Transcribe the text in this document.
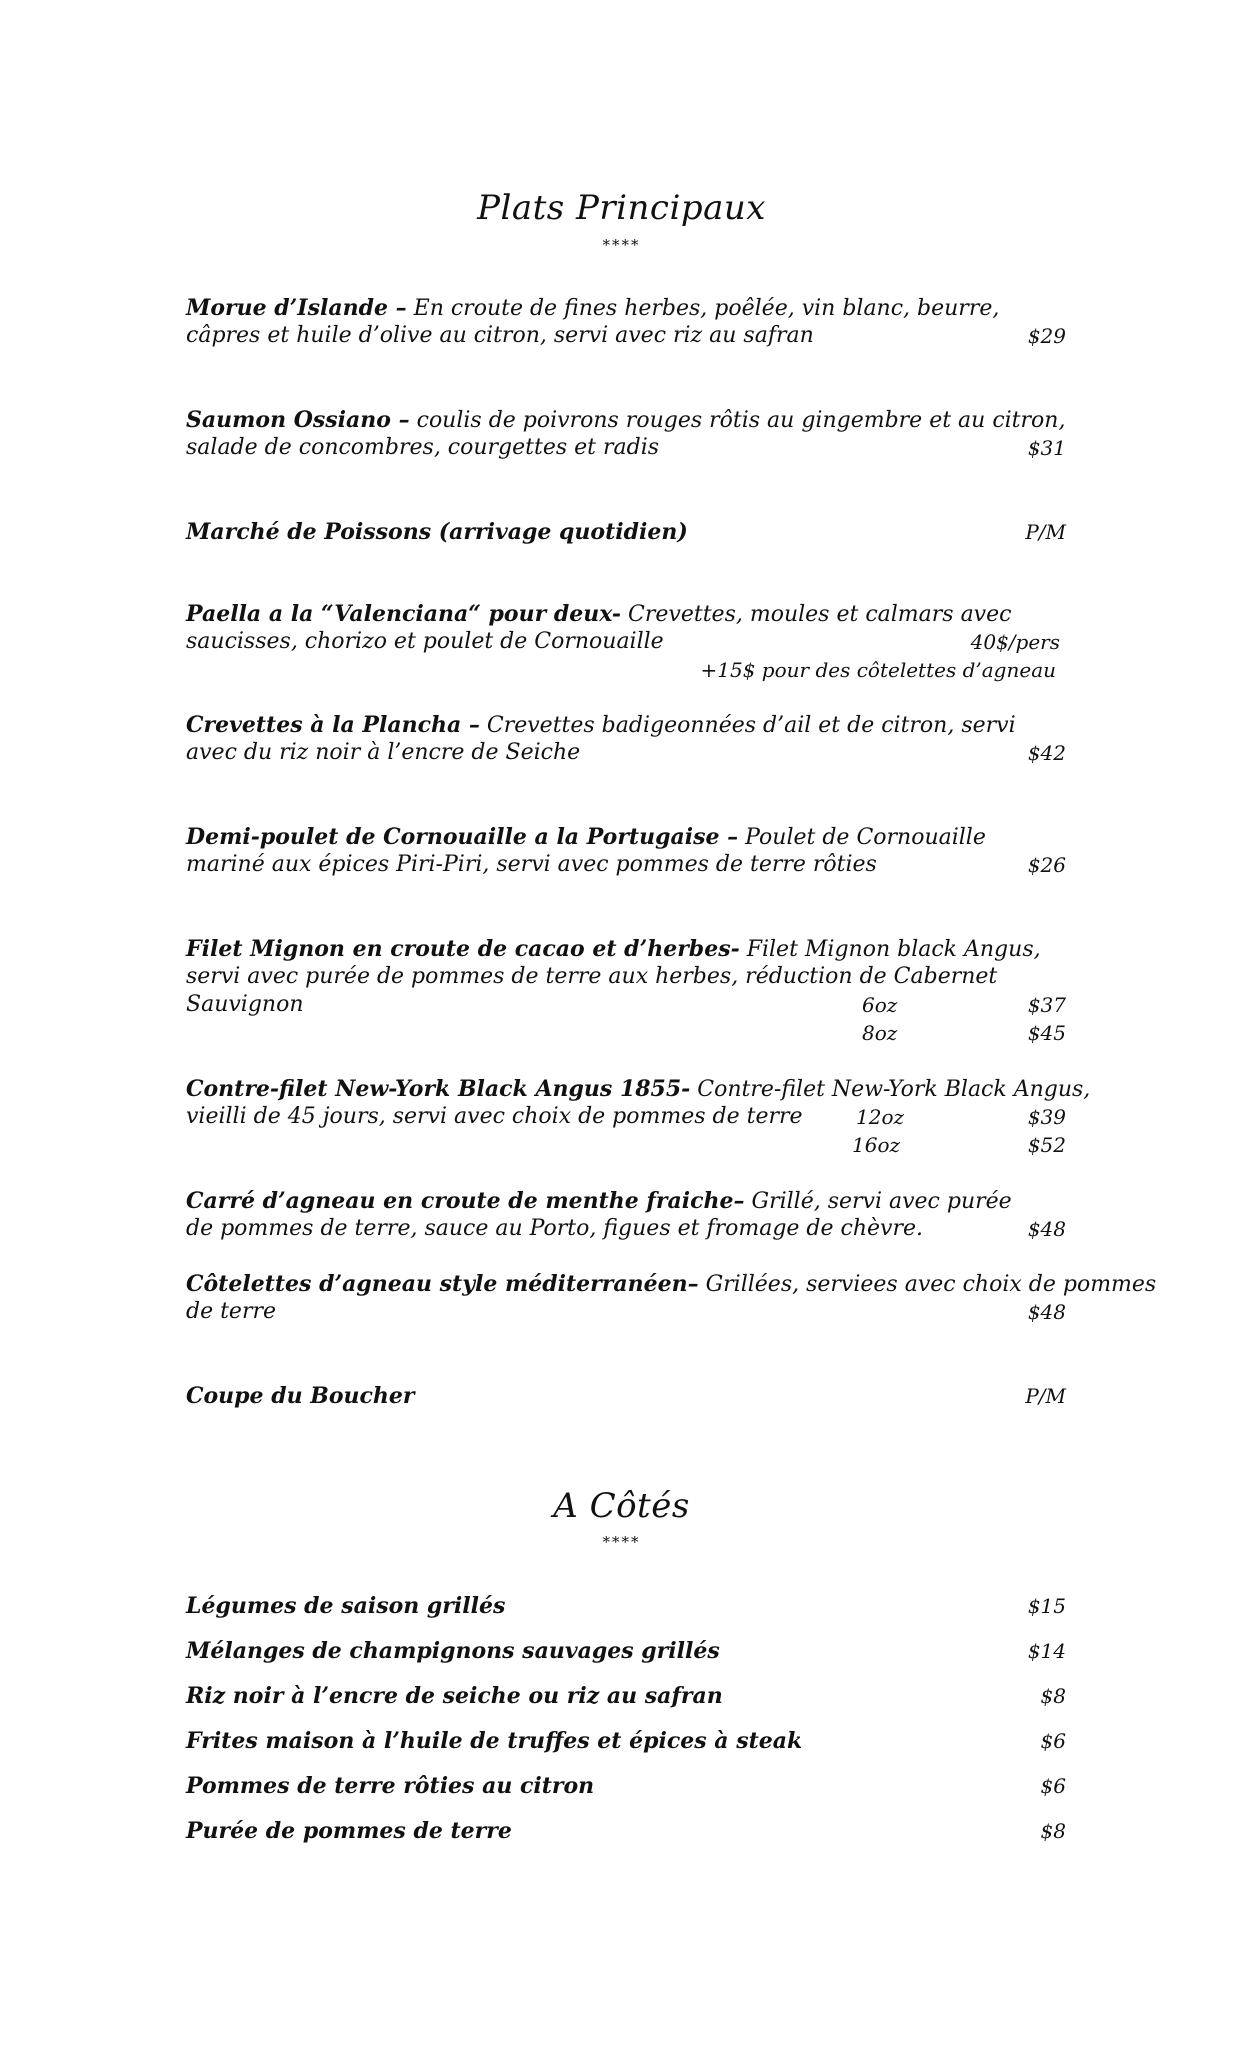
Plats Principaux
****
Morue d’Islande – En croute de fines herbes, poêlée, vin blanc, beurre,
câpres et huile d’olive au citron, servi avec riz au safran	$29
Saumon Ossiano – coulis de poivrons rouges rôtis au gingembre et au citron,
salade de concombres, courgettes et radis	$31
Marché de Poissons (arrivage quotidien)	P/M
Paella a la “Valenciana“ pour deux- Crevettes, moules et calmars avec
saucisses, chorizo et poulet de Cornouaille	40$/pers
+15$ pour des côtelettes d’agneau
Crevettes à la Plancha – Crevettes badigeonnées d’ail et de citron, servi
avec du riz noir à l’encre de Seiche	$42
Demi-poulet de Cornouaille a la Portugaise – Poulet de Cornouaille
mariné aux épices Piri-Piri, servi avec pommes de terre rôties	$26
Filet Mignon en croute de cacao et d’herbes- Filet Mignon black Angus,
servi avec purée de pommes de terre aux herbes, réduction de Cabernet
Sauvignon	6oz	$37
8oz	$45
Contre-filet New-York Black Angus 1855- Contre-filet New-York Black Angus,
vieilli de 45 jours, servi avec choix de pommes de terre	12oz	$39
16oz	$52
Carré d’agneau en croute de menthe fraiche– Grillé, servi avec purée
de pommes de terre, sauce au Porto, figues et fromage de chèvre.	$48
Côtelettes d’agneau style méditerranéen– Grillées, serviees avec choix de pommes
de terre	$48
Coupe du Boucher	P/M
A Côtés
****
Légumes de saison grillés	$15
Mélanges de champignons sauvages grillés	$14
Riz noir à l’encre de seiche ou riz au safran	$8
Frites maison à l’huile de truffes et épices à steak	$6
Pommes de terre rôties au citron	$6
Purée de pommes de terre	$8
